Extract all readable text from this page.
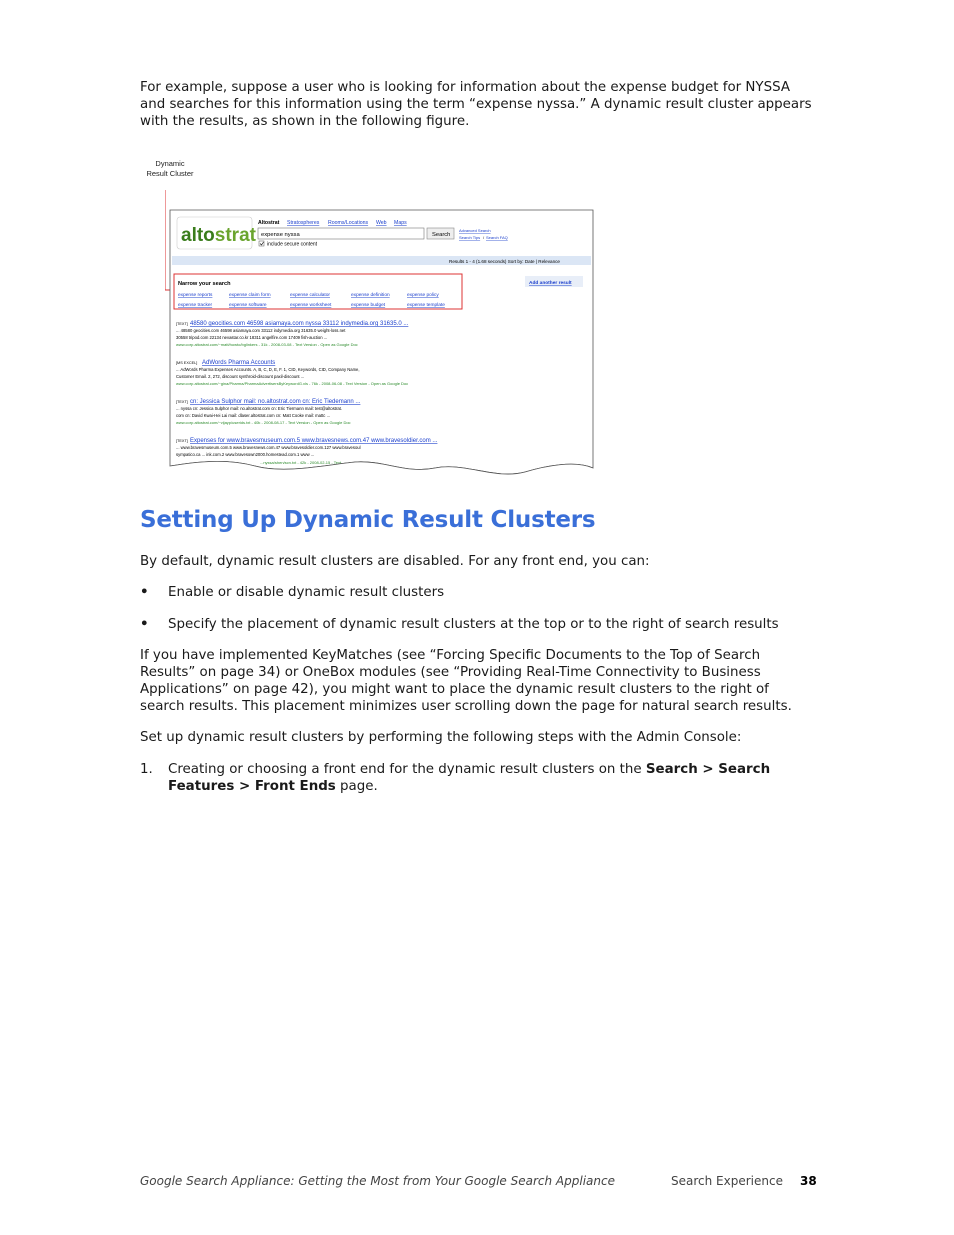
For example, suppose a user who is looking for information about the expense budget for NYSSA and searches for this information using the term “expense nyssa.” A dynamic result cluster appears with the results, as shown in the following figure.

Dynamic
Result Cluster
altostrat
Altostrat Stratospheres Rooms/Locations Web Maps
expense nyssa	Search
Advanced Search
Search Tips / Search FAQ
include secure content
Results 1 - 4 (1.68 seconds) Sort by: Date | Relevance
Narrow your search	Add another result
expense reports	expense claim form	expense calculator	expense definition	expense policy
expense tracker	expense software	expense worksheet	expense budget	expense template
[TEXT] 48580 geocities.com 46598 asiamaya.com nyssa 33112 indymedia.org 31635.0 ...
... 48580 geocities.com 46598 asiamaya.com 33112 indymedia.org 31635.0 weight-loss.net
30558 tripod.com 22134 nevastar.co.kr 18311 angelfire.com 17409 fish-auction ...
www.corp.altostrat.com/~matt/howto/bglinkers - 31k - 2008-03-08 - Text Version - Open as Google Doc
[MS EXCEL] AdWords Pharma Accounts
... AdWords Pharma Expenses Accounts. A, B, C, D, E, F. 1, CID, Keywords, CID, Company Name,
Customer Email. 2, 272, discount synthroid-discount paxil-discount ...
www.corp.altostrat.com/~gina/Pharma/PharmaAdvertisersByKeywordG.xls - 76k - 2008-06-08 - Text Version - Open as Google Doc
[TEXT] cn: Jessica Sulphor mail: no.altostrat.com cn: Eric Tiedemann ...
... nyssa cn: Jessica Sulphor mail: no.altostrat.com cn: Eric Tiermann mail: test@altostrat.
com cn: David Kwai-Hei Lai mail: dlaser.altostrat.com cn: Matt Cooke mail: mattc ...
www.corp.altostrat.com/~vijayp/userids.txt - 40k - 2008-08-17 - Text Version - Open as Google Doc
[TEXT] Expenses for www.bravesmuseum.com.5 www.bravesnews.com.47 www.bravesoldier.com ...
... www.bravesmuseum.com.5 www.bravesnews.com.47 www.bravesoldier.com.127 www.bravesoul
sympatico.ca ... ink.com.2 www.bravesown2000.homestead.com.1 www ...
...nyssa/shen/scn.txt - 42k - 2008-02-15 - Text...
Setting Up Dynamic Result Clusters

By default, dynamic result clusters are disabled. For any front end, you can:

• Enable or disable dynamic result clusters
• Specify the placement of dynamic result clusters at the top or to the right of search results

If you have implemented KeyMatches (see “Forcing Specific Documents to the Top of Search Results” on page 34) or OneBox modules (see “Providing Real-Time Connectivity to Business Applications” on page 42), you might want to place the dynamic result clusters to the right of search results. This placement minimizes user scrolling down the page for natural search results.

Set up dynamic result clusters by performing the following steps with the Admin Console:

1. Creating or choosing a front end for the dynamic result clusters on the Search > Search Features > Front Ends page.
Google Search Appliance: Getting the Most from Your Google Search Appliance	Search Experience 38
